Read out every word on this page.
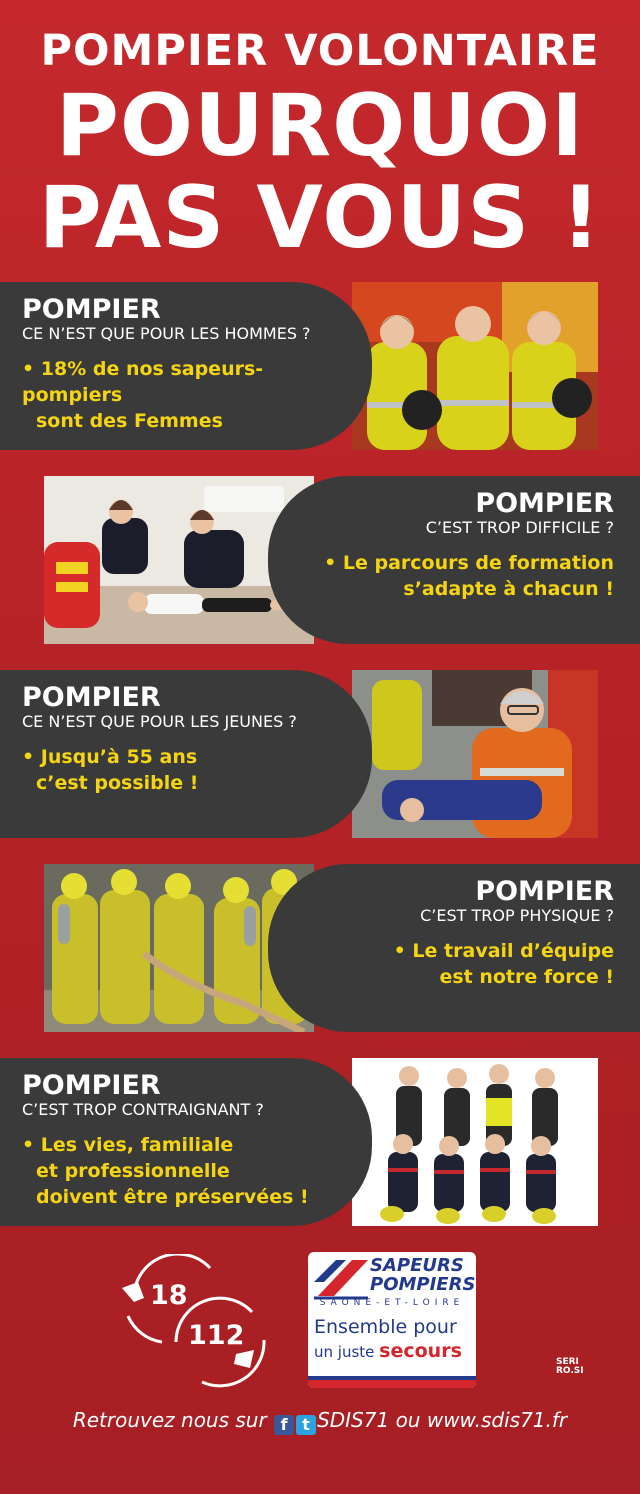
POMPIER VOLONTAIRE
POURQUOI
PAS VOUS !
POMPIER
CE N’EST QUE POUR LES HOMMES ?
• 18% de nos sapeurs-pompiers
sont des Femmes
POMPIER
C’EST TROP DIFFICILE ?
• Le parcours de formation
s’adapte à chacun !
POMPIER
CE N’EST QUE POUR LES JEUNES ?
• Jusqu’à 55 ans
c’est possible !
POMPIER
C’EST TROP PHYSIQUE ?
• Le travail d’équipe
est notre force !
POMPIER
C’EST TROP CONTRAIGNANT ?
• Les vies, familiale
et professionnelle
doivent être préservées !
18
112
SAPEURS
POMPIERS
SAÔNE-ET-LOIRE
Ensemble pour
un juste secours	SERI
RO.SI
Retrouvez nous sur f t SDIS71 ou www.sdis71.fr
